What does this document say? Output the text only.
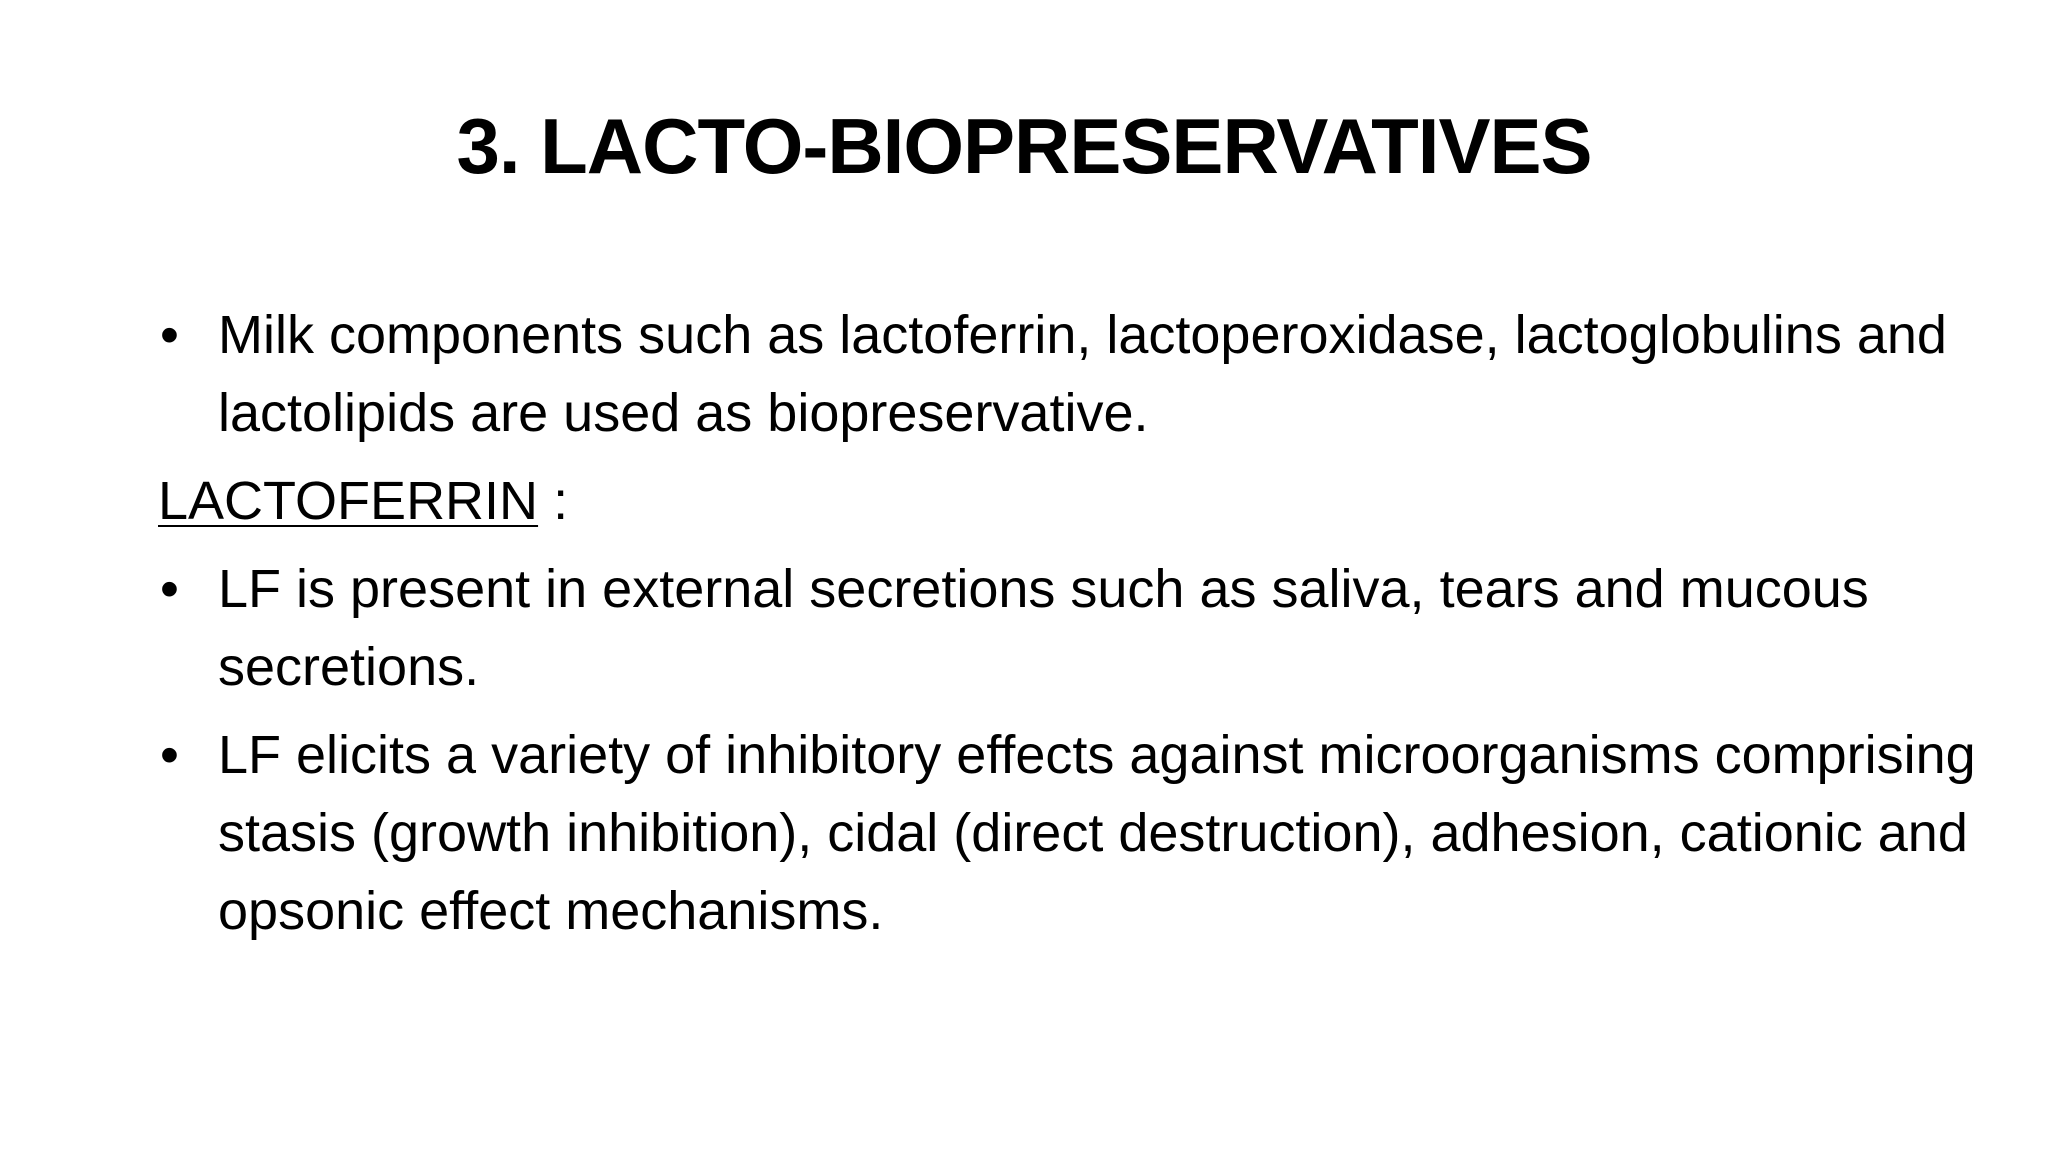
3. LACTO-BIOPRESERVATIVES
• Milk components such as lactoferrin, lactoperoxidase, lactoglobulins and lactolipids are used as biopreservative.
LACTOFERRIN :
• LF is present in external secretions such as saliva, tears and mucous secretions.
• LF elicits a variety of inhibitory effects against microorganisms comprising stasis (growth inhibition), cidal (direct destruction), adhesion, cationic and opsonic effect mechanisms.
